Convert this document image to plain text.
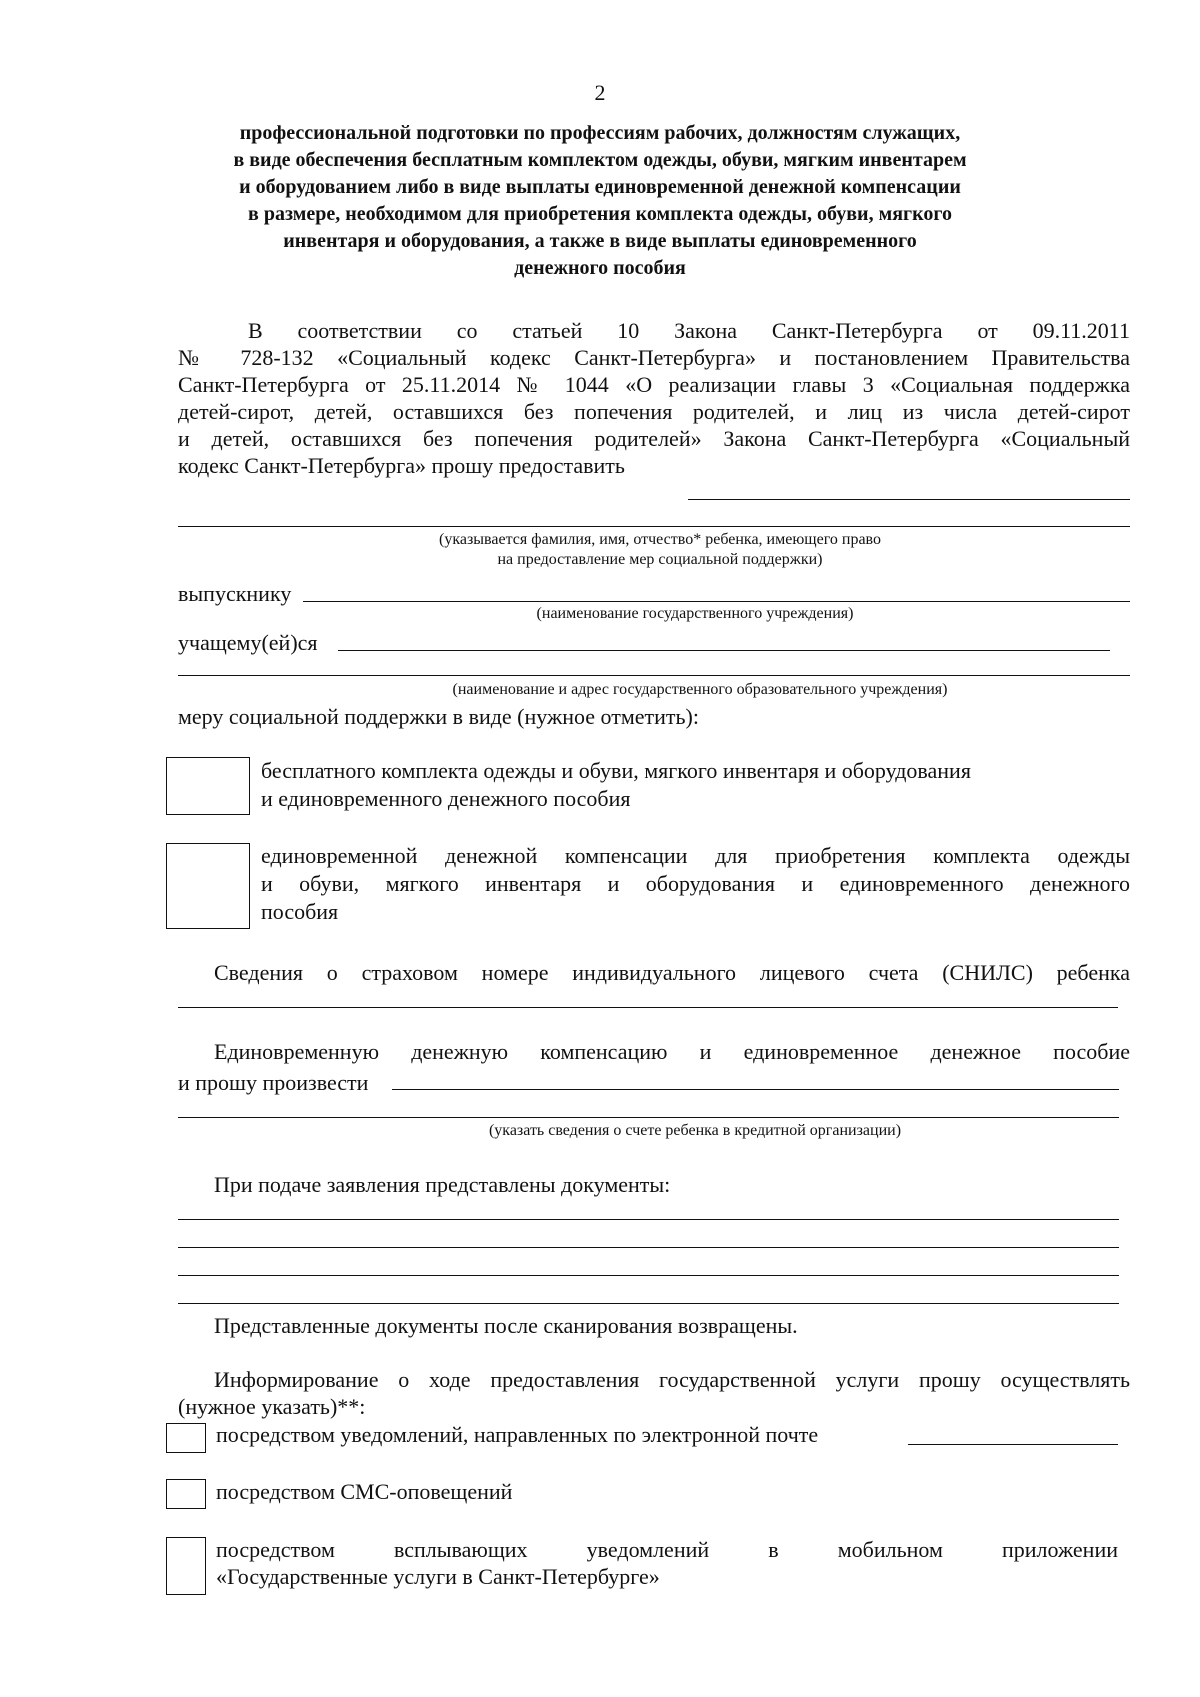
2
профессиональной подготовки по профессиям рабочих, должностям служащих,
в виде обеспечения бесплатным комплектом одежды, обуви, мягким инвентарем
и оборудованием либо в виде выплаты единовременной денежной компенсации
в размере, необходимом для приобретения комплекта одежды, обуви, мягкого
инвентаря и оборудования, а также в виде выплаты единовременного
денежного пособия
В соответствии со статьей 10 Закона Санкт-Петербурга от 09.11.2011
№ 728-132 «Социальный кодекс Санкт-Петербурга» и постановлением Правительства
Санкт-Петербурга от 25.11.2014 № 1044 «О реализации главы 3 «Социальная поддержка
детей-сирот, детей, оставшихся без попечения родителей, и лиц из числа детей-сирот
и детей, оставшихся без попечения родителей» Закона Санкт-Петербурга «Социальный
кодекс Санкт-Петербурга» прошу предоставить
(указывается фамилия, имя, отчество* ребенка, имеющего право
на предоставление мер социальной поддержки)
выпускнику
(наименование государственного учреждения)
учащему(ей)ся
(наименование и адрес государственного образовательного учреждения)
меру социальной поддержки в виде (нужное отметить):
бесплатного комплекта одежды и обуви, мягкого инвентаря и оборудования
и единовременного денежного пособия
единовременной денежной компенсации для приобретения комплекта одежды
и обуви, мягкого инвентаря и оборудования и единовременного денежного
пособия
Сведения о страховом номере индивидуального лицевого счета (СНИЛС) ребенка
Единовременную денежную компенсацию и единовременное денежное пособие
и прошу произвести
(указать сведения о счете ребенка в кредитной организации)
При подаче заявления представлены документы:
Представленные документы после сканирования возвращены.
Информирование о ходе предоставления государственной услуги прошу осуществлять
(нужное указать)**:
посредством уведомлений, направленных по электронной почте
посредством СМС-оповещений
посредством всплывающих уведомлений в мобильном приложении
«Государственные услуги в Санкт-Петербурге»
